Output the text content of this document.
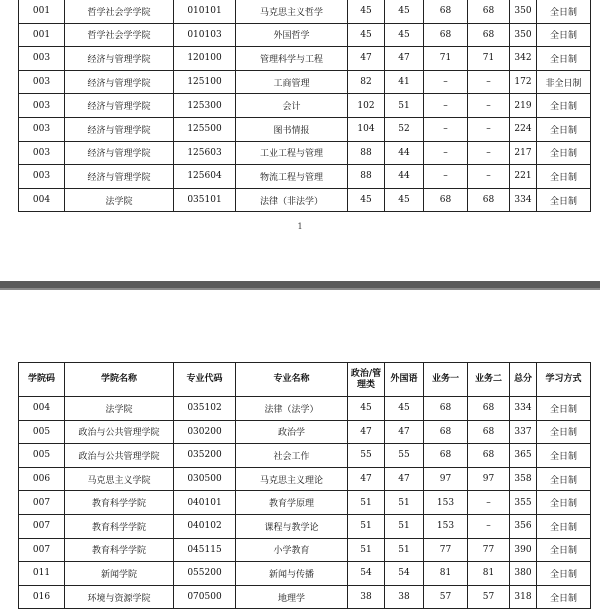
001	哲学社会学学院	010101	马克思主义哲学	45	45	68	68	350	全日制
001	哲学社会学学院	010103	外国哲学	45	45	68	68	350	全日制
003	经济与管理学院	120100	管理科学与工程	47	47	71	71	342	全日制
003	经济与管理学院	125100	工商管理	82	41	–	–	172	非全日制
003	经济与管理学院	125300	会计	102	51	–	–	219	全日制
003	经济与管理学院	125500	图书情报	104	52	–	–	224	全日制
003	经济与管理学院	125603	工业工程与管理	88	44	–	–	217	全日制
003	经济与管理学院	125604	物流工程与管理	88	44	–	–	221	全日制
004	法学院	035101	法律（非法学）	45	45	68	68	334	全日制
1
学院码	学院名称	专业代码	专业名称	政治/管理类	外国语	业务一	业务二	总分	学习方式
004	法学院	035102	法律（法学）	45	45	68	68	334	全日制
005	政治与公共管理学院	030200	政治学	47	47	68	68	337	全日制
005	政治与公共管理学院	035200	社会工作	55	55	68	68	365	全日制
006	马克思主义学院	030500	马克思主义理论	47	47	97	97	358	全日制
007	教育科学学院	040101	教育学原理	51	51	153	–	355	全日制
007	教育科学学院	040102	课程与教学论	51	51	153	–	356	全日制
007	教育科学学院	045115	小学教育	51	51	77	77	390	全日制
011	新闻学院	055200	新闻与传播	54	54	81	81	380	全日制
016	环境与资源学院	070500	地理学	38	38	57	57	318	全日制
